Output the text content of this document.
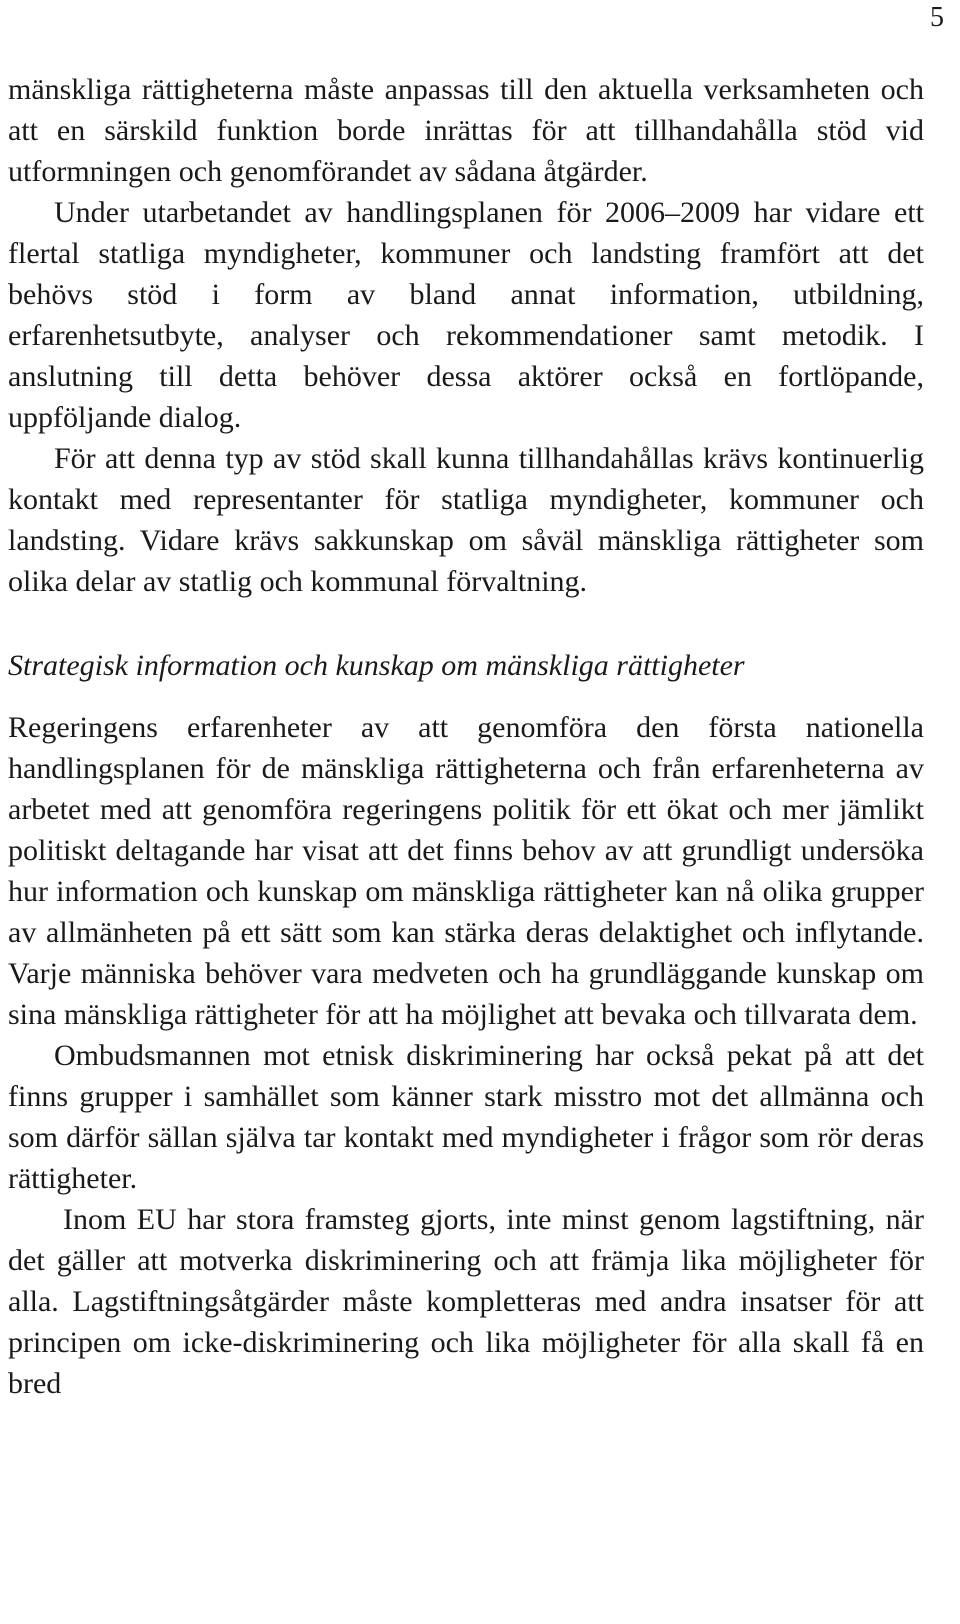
5

mänskliga rättigheterna måste anpassas till den aktuella verksamheten och att en särskild funktion borde inrättas för att tillhandahålla stöd vid utformningen och genomförandet av sådana åtgärder.

Under utarbetandet av handlingsplanen för 2006–2009 har vidare ett flertal statliga myndigheter, kommuner och landsting framfört att det behövs stöd i form av bland annat information, utbildning, erfarenhetsutbyte, analyser och rekommendationer samt metodik. I anslutning till detta behöver dessa aktörer också en fortlöpande, uppföljande dialog.

För att denna typ av stöd skall kunna tillhandahållas krävs kontinuerlig kontakt med representanter för statliga myndigheter, kommuner och landsting. Vidare krävs sakkunskap om såväl mänskliga rättigheter som olika delar av statlig och kommunal förvaltning.

Strategisk information och kunskap om mänskliga rättigheter

Regeringens erfarenheter av att genomföra den första nationella handlingsplanen för de mänskliga rättigheterna och från erfarenheterna av arbetet med att genomföra regeringens politik för ett ökat och mer jämlikt politiskt deltagande har visat att det finns behov av att grundligt undersöka hur information och kunskap om mänskliga rättigheter kan nå olika grupper av allmänheten på ett sätt som kan stärka deras delaktighet och inflytande. Varje människa behöver vara medveten och ha grundläggande kunskap om sina mänskliga rättigheter för att ha möjlighet att bevaka och tillvarata dem.

Ombudsmannen mot etnisk diskriminering har också pekat på att det finns grupper i samhället som känner stark misstro mot det allmänna och som därför sällan själva tar kontakt med myndigheter i frågor som rör deras rättigheter.

Inom EU har stora framsteg gjorts, inte minst genom lagstiftning, när det gäller att motverka diskriminering och att främja lika möjligheter för alla. Lagstiftningsåtgärder måste kompletteras med andra insatser för att principen om icke-diskriminering och lika möjligheter för alla skall få en bred
